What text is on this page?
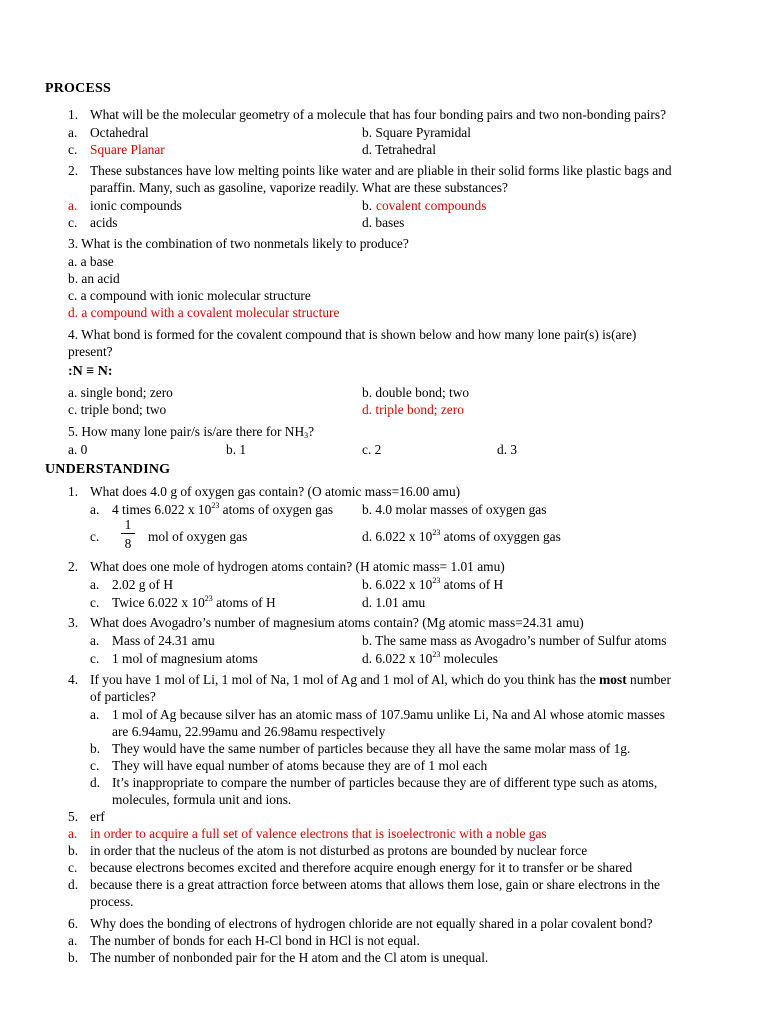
PROCESS
1. What will be the molecular geometry of a molecule that has four bonding pairs and two non-bonding pairs?
a. Octahedral	b. Square Pyramidal
c. Square Planar	d. Tetrahedral
2. These substances have low melting points like water and are pliable in their solid forms like plastic bags and
paraffin. Many, such as gasoline, vaporize readily. What are these substances?
a. ionic compounds	b. covalent compounds
c. acids	d. bases
3. What is the combination of two nonmetals likely to produce?
a. a base
b. an acid
c. a compound with ionic molecular structure
d. a compound with a covalent molecular structure
4. What bond is formed for the covalent compound that is shown below and how many lone pair(s) is(are)
present?
:N ≡ N:
a. single bond; zero	b. double bond; two
c. triple bond; two	d. triple bond; zero
5. How many lone pair/s is/are there for $NH_3$?
a. 0	b. 1	c. 2	d. 3
UNDERSTANDING
1. What does 4.0 g of oxygen gas contain? (O atomic mass=16.00 amu)
a. 4 times 6.022 x $10^{23}$ atoms of oxygen gas b. 4.0 molar masses of oxygen gas
c.
1
8 mol of oxygen gas	d. 6.022 x $10^{23}$ atoms of oxyggen gas
2. What does one mole of hydrogen atoms contain? (H atomic mass= 1.01 amu)
a. 2.02 g of H	b. 6.022 x $10^{23}$ atoms of H
c. Twice 6.022 x $10^{23}$ atoms of H	d. 1.01 amu
3. What does Avogadro’s number of magnesium atoms contain? (Mg atomic mass=24.31 amu)
a. Mass of 24.31 amu	b. The same mass as Avogadro’s number of Sulfur atoms
c. 1 mol of magnesium atoms	d. 6.022 x $10^{23}$ molecules
4. If you have 1 mol of Li, 1 mol of Na, 1 mol of Ag and 1 mol of Al, which do you think has the most number
of particles?
a. 1 mol of Ag because silver has an atomic mass of 107.9amu unlike Li, Na and Al whose atomic masses
are 6.94amu, 22.99amu and 26.98amu respectively
b. They would have the same number of particles because they all have the same molar mass of 1g.
c. They will have equal number of atoms because they are of 1 mol each
d. It’s inappropriate to compare the number of particles because they are of different type such as atoms,
molecules, formula unit and ions.
5. erf
a. in order to acquire a full set of valence electrons that is isoelectronic with a noble gas
b. in order that the nucleus of the atom is not disturbed as protons are bounded by nuclear force
c. because electrons becomes excited and therefore acquire enough energy for it to transfer or be shared
d. because there is a great attraction force between atoms that allows them lose, gain or share electrons in the
process.
6. Why does the bonding of electrons of hydrogen chloride are not equally shared in a polar covalent bond?
a. The number of bonds for each H-Cl bond in HCl is not equal.
b. The number of nonbonded pair for the H atom and the Cl atom is unequal.
